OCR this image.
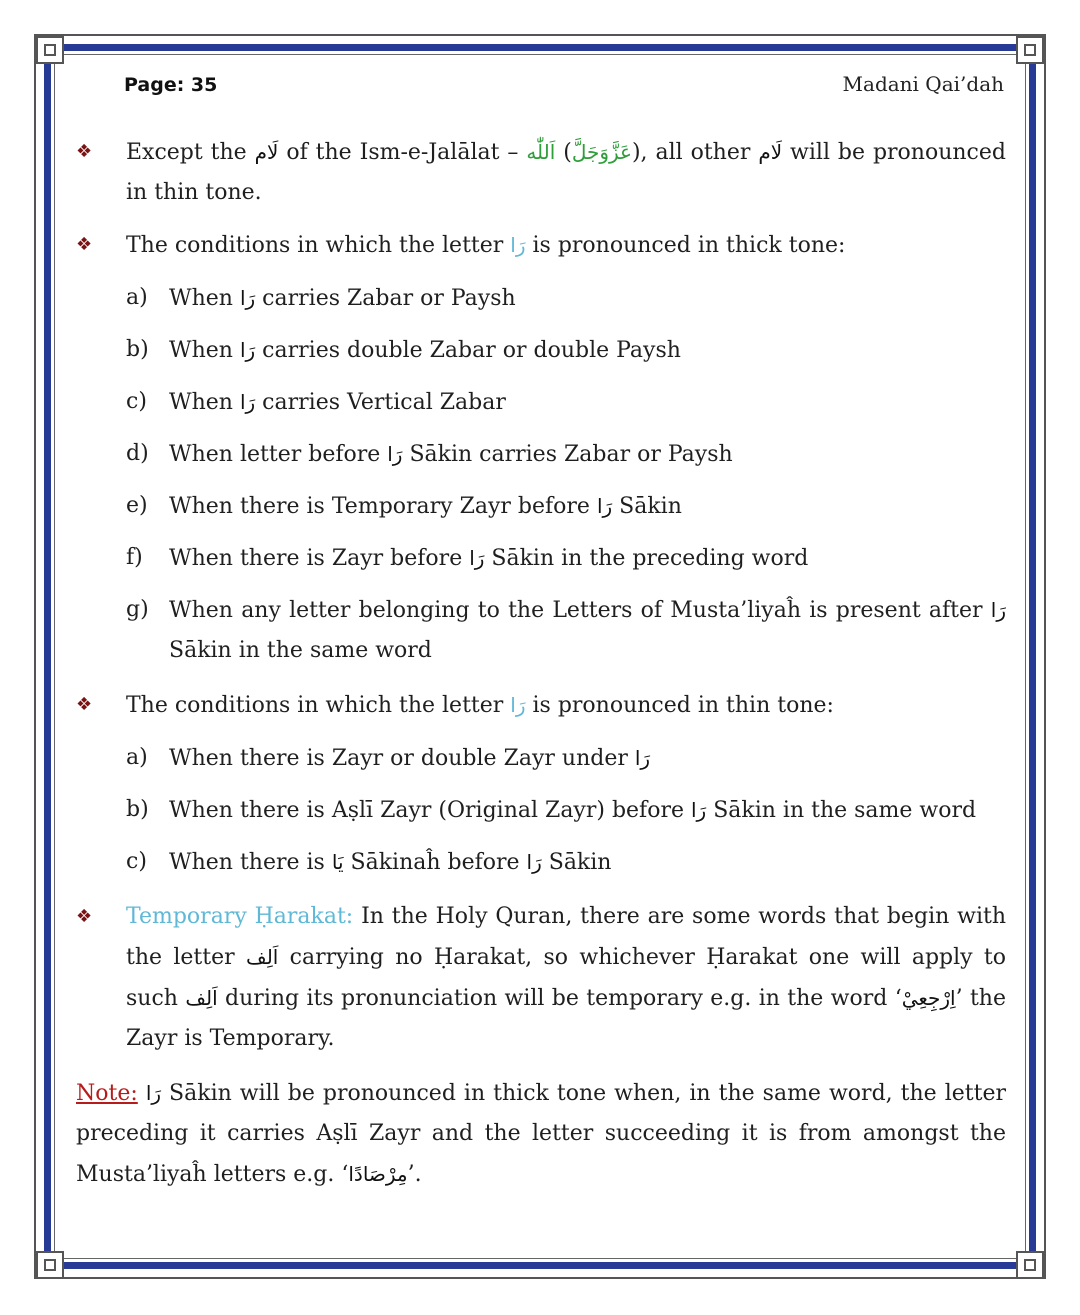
Page: 35	Madani Qai’dah
❖ Except the لَام of the Ism-e-Jalālat – اَللّٰه (عَزَّوَجَلَّ), all other لَام will be pronounced in thin tone.
❖ The conditions in which the letter رَا is pronounced in thick tone:
a) When رَا carries Zabar or Paysh
b) When رَا carries double Zabar or double Paysh
c) When رَا carries Vertical Zabar
d) When letter before رَا Sākin carries Zabar or Paysh
e) When there is Temporary Zayr before رَا Sākin
f) When there is Zayr before رَا Sākin in the preceding word
g) When any letter belonging to the Letters of Musta’liyaĥ is present after رَا Sākin in the same word
❖ The conditions in which the letter رَا is pronounced in thin tone:
a) When there is Zayr or double Zayr under رَا
b) When there is Aṣlī Zayr (Original Zayr) before رَا Sākin in the same word
c) When there is يَا Sākinaĥ before رَا Sākin
❖ Temporary Ḥarakat: In the Holy Quran, there are some words that begin with the letter اَلِف carrying no Ḥarakat, so whichever Ḥarakat one will apply to such اَلِف during its pronunciation will be temporary e.g. in the word ‘اِرْجِعِيْ’ the Zayr is Temporary.
Note: رَا Sākin will be pronounced in thick tone when, in the same word, the letter preceding it carries Aṣlī Zayr and the letter succeeding it is from amongst the Musta’liyaĥ letters e.g. ‘مِرْصَادًا’.
